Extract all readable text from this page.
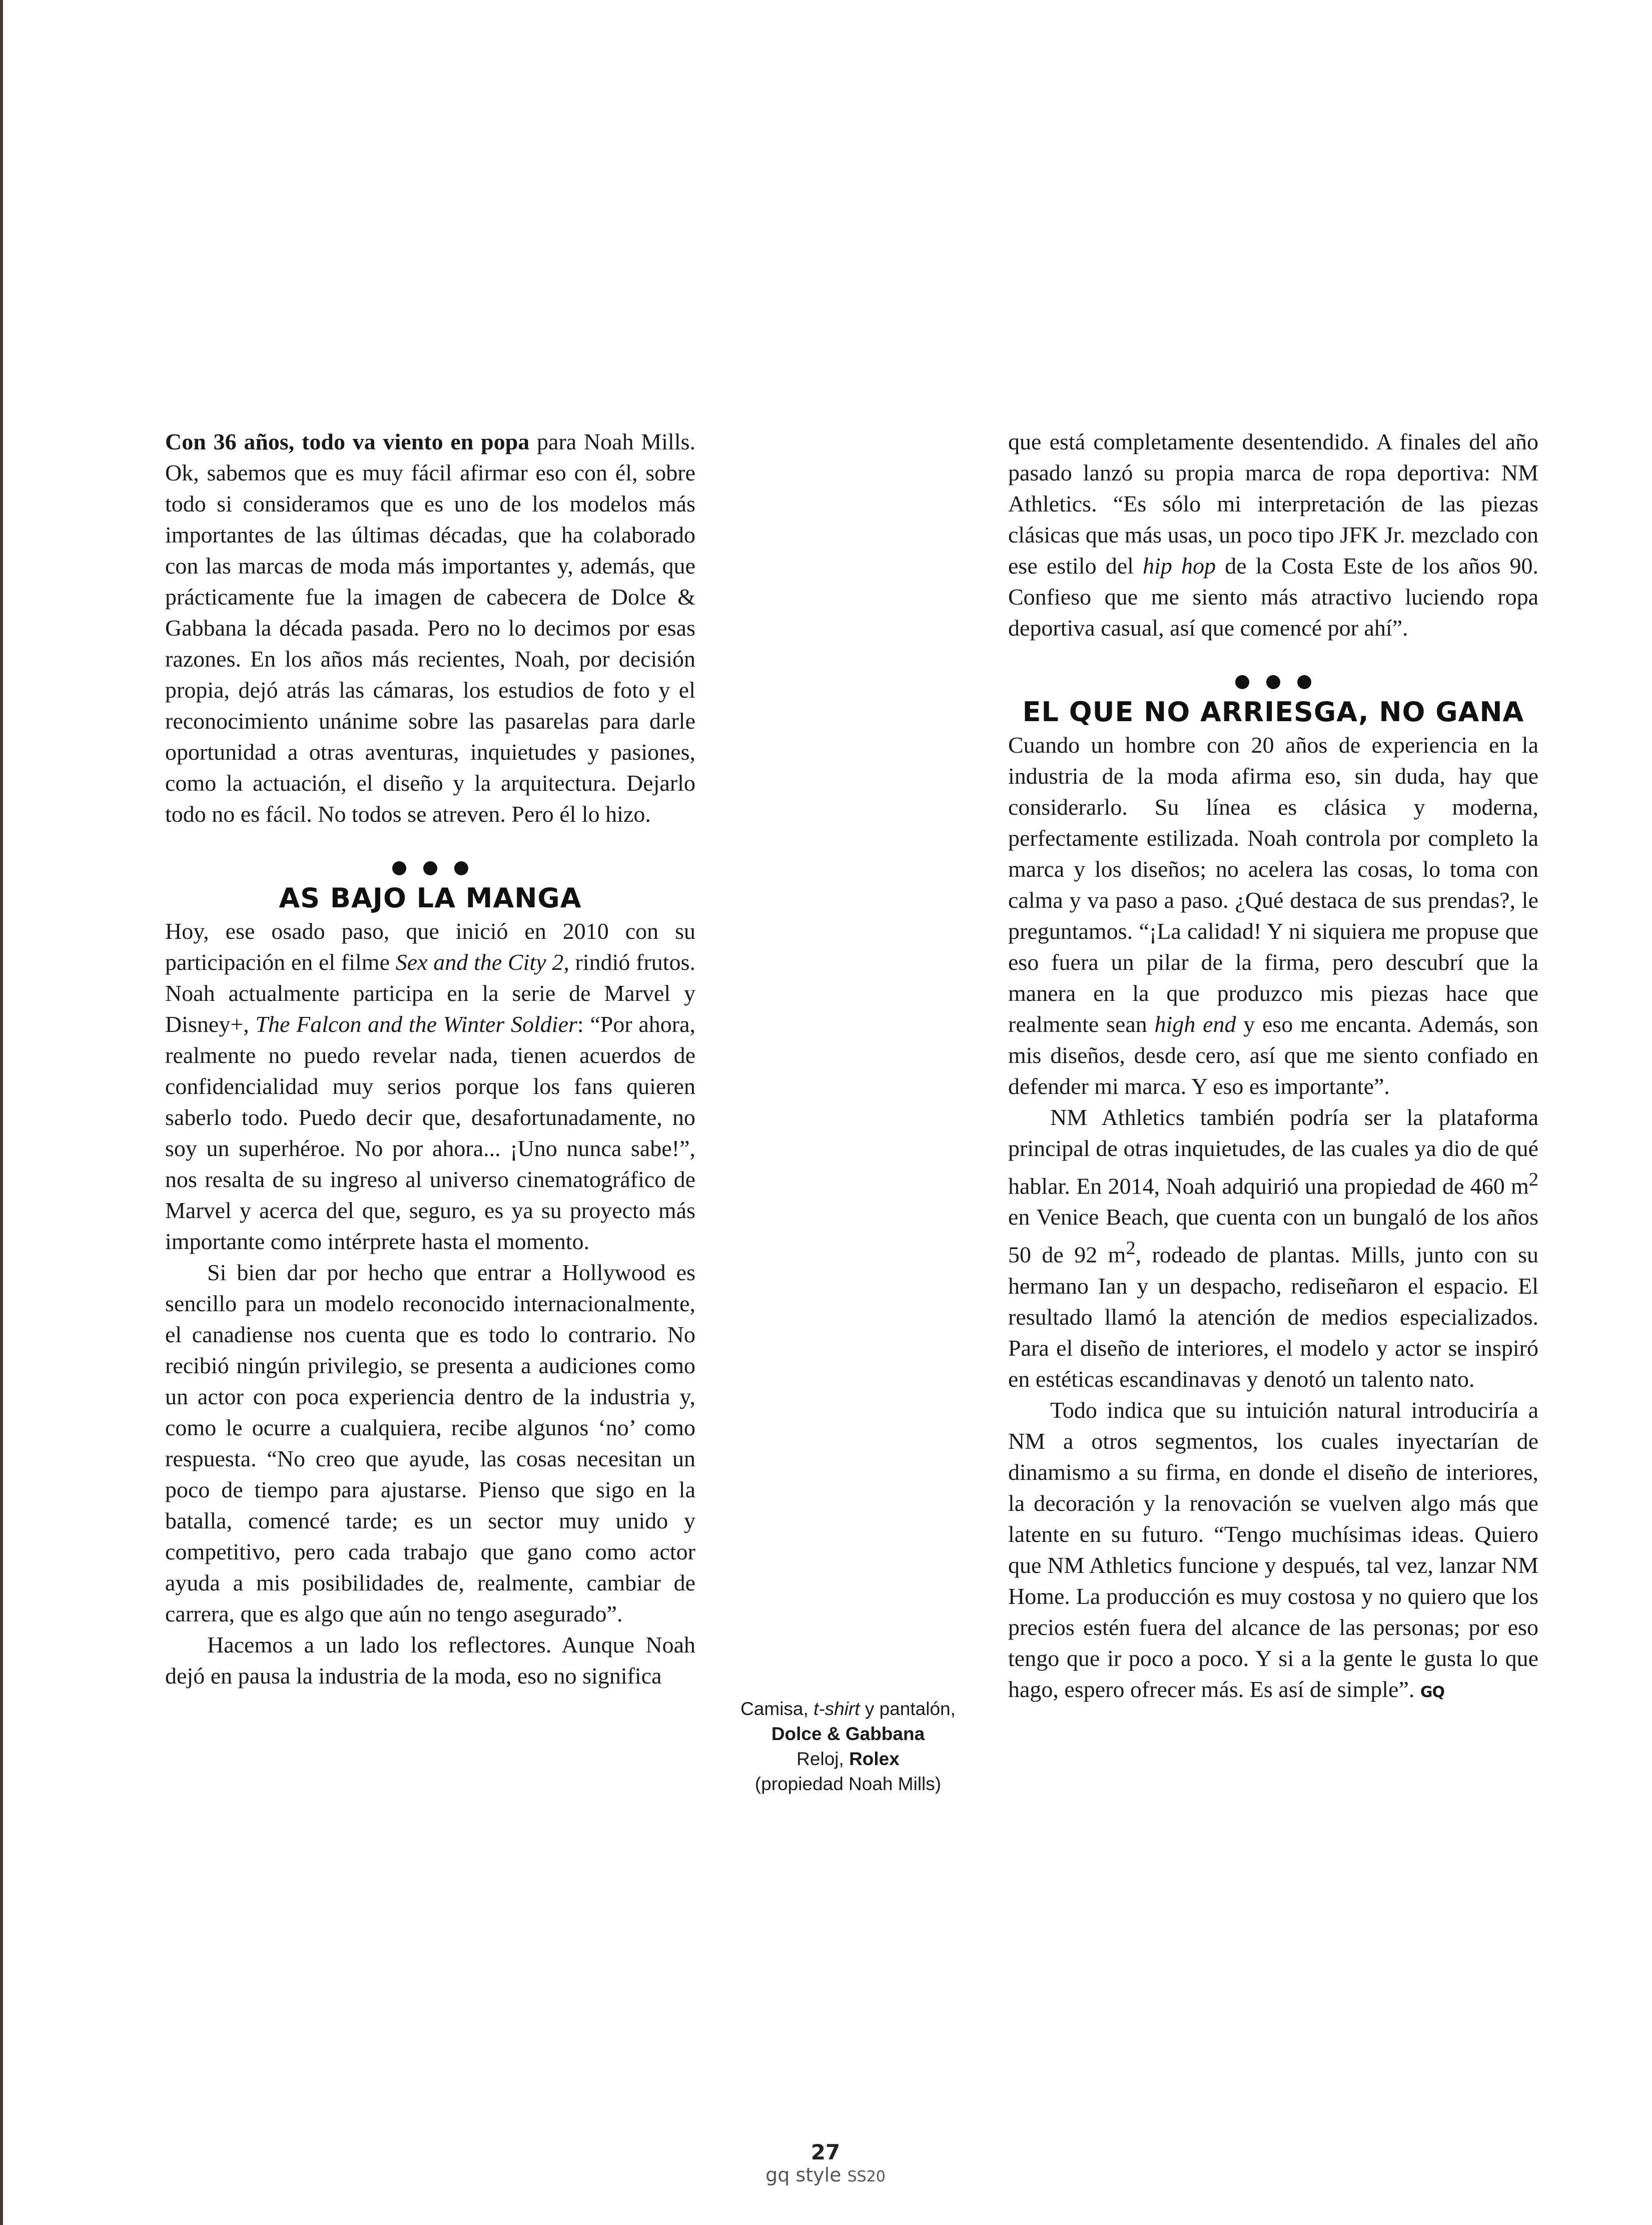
Con 36 años, todo va viento en popa para Noah Mills. Ok, sabemos que es muy fácil afirmar eso con él, sobre todo si consideramos que es uno de los modelos más importantes de las últimas décadas, que ha colaborado con las marcas de moda más importantes y, además, que prácticamente fue la imagen de cabecera de Dolce & Gabbana la década pasada. Pero no lo decimos por esas razones. En los años más recientes, Noah, por decisión propia, dejó atrás las cámaras, los estudios de foto y el reconocimiento unánime sobre las pasarelas para darle oportunidad a otras aventuras, inquietudes y pasiones, como la actuación, el diseño y la arquitectura. Dejarlo todo no es fácil. No todos se atreven. Pero él lo hizo.

AS BAJO LA MANGA

Hoy, ese osado paso, que inició en 2010 con su participación en el filme Sex and the City 2, rindió frutos. Noah actualmente participa en la serie de Marvel y Disney+, The Falcon and the Winter Soldier: “Por ahora, realmente no puedo revelar nada, tienen acuerdos de confidencialidad muy serios porque los fans quieren saberlo todo. Puedo decir que, desafortunadamente, no soy un superhéroe. No por ahora... ¡Uno nunca sabe!”, nos resalta de su ingreso al universo cinematográfico de Marvel y acerca del que, seguro, es ya su proyecto más importante como intérprete hasta el momento.

Si bien dar por hecho que entrar a Hollywood es sencillo para un modelo reconocido internacionalmente, el canadiense nos cuenta que es todo lo contrario. No recibió ningún privilegio, se presenta a audiciones como un actor con poca experiencia dentro de la industria y, como le ocurre a cualquiera, recibe algunos ‘no’ como respuesta. “No creo que ayude, las cosas necesitan un poco de tiempo para ajustarse. Pienso que sigo en la batalla, comencé tarde; es un sector muy unido y competitivo, pero cada trabajo que gano como actor ayuda a mis posibilidades de, realmente, cambiar de carrera, que es algo que aún no tengo asegurado”.

Hacemos a un lado los reflectores. Aunque Noah dejó en pausa la industria de la moda, eso no significa

Camisa, t-shirt y pantalón,
Dolce & Gabbana
Reloj, Rolex
(propiedad Noah Mills)

que está completamente desentendido. A finales del año pasado lanzó su propia marca de ropa deportiva: NM Athletics. “Es sólo mi interpretación de las piezas clásicas que más usas, un poco tipo JFK Jr. mezclado con ese estilo del hip hop de la Costa Este de los años 90. Confieso que me siento más atractivo luciendo ropa deportiva casual, así que comencé por ahí”.

EL QUE NO ARRIESGA, NO GANA

Cuando un hombre con 20 años de experiencia en la industria de la moda afirma eso, sin duda, hay que considerarlo. Su línea es clásica y moderna, perfectamente estilizada. Noah controla por completo la marca y los diseños; no acelera las cosas, lo toma con calma y va paso a paso. ¿Qué destaca de sus prendas?, le preguntamos. “¡La calidad! Y ni siquiera me propuse que eso fuera un pilar de la firma, pero descubrí que la manera en la que produzco mis piezas hace que realmente sean high end y eso me encanta. Además, son mis diseños, desde cero, así que me siento confiado en defender mi marca. Y eso es importante”.

NM Athletics también podría ser la plataforma principal de otras inquietudes, de las cuales ya dio de qué hablar. En 2014, Noah adquirió una propiedad de 460 $m^2$ en Venice Beach, que cuenta con un bungaló de los años 50 de 92 $m^2$, rodeado de plantas. Mills, junto con su hermano Ian y un despacho, rediseñaron el espacio. El resultado llamó la atención de medios especializados. Para el diseño de interiores, el modelo y actor se inspiró en estéticas escandinavas y denotó un talento nato.

Todo indica que su intuición natural introduciría a NM a otros segmentos, los cuales inyectarían de dinamismo a su firma, en donde el diseño de interiores, la decoración y la renovación se vuelven algo más que latente en su futuro. “Tengo muchísimas ideas. Quiero que NM Athletics funcione y después, tal vez, lanzar NM Home. La producción es muy costosa y no quiero que los precios estén fuera del alcance de las personas; por eso tengo que ir poco a poco. Y si a la gente le gusta lo que hago, espero ofrecer más. Es así de simple”. GQ

27
gq style SS20
